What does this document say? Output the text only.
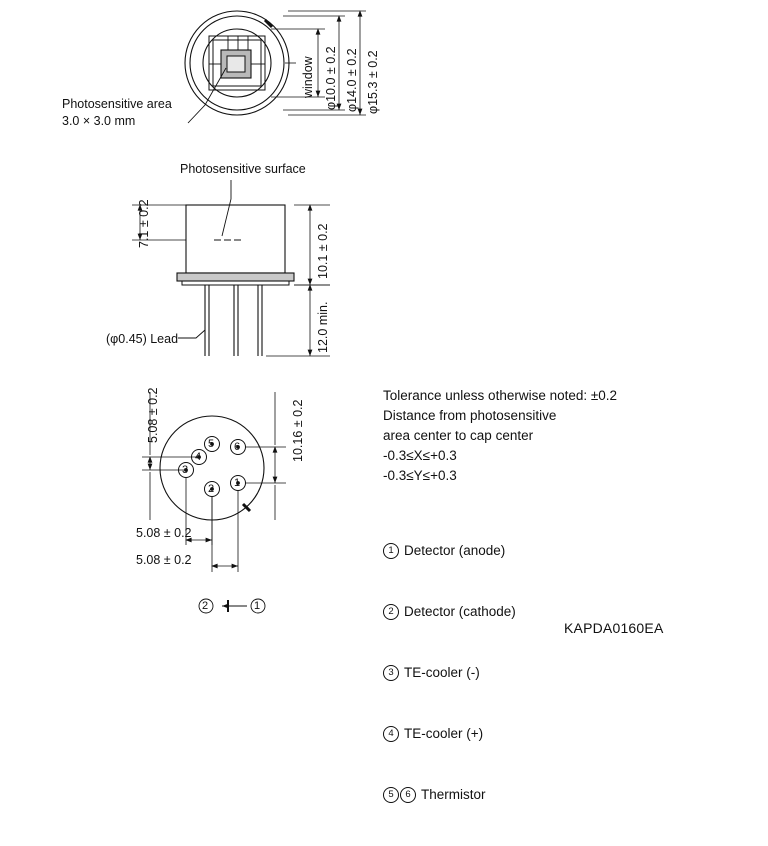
Photosensitive area
3.0 × 3.0 mm
window φ10.0 ± 0.2 φ14.0 ± 0.2 φ15.3 ± 0.2
Photosensitive surface
7.1 ± 0.2	10.1 ± 0.2
12.0 min.
(φ0.45) Lead
5.08 ± 0.2	10.16 ± 0.2
5.08 ± 0.2
5.08 ± 0.2
6
5
4
3
2 1
2	1
Tolerance unless otherwise noted: ±0.2
Distance from photosensitive
area center to cap center
-0.3≤X≤+0.3
-0.3≤Y≤+0.3

1 Detector (anode)

2 Detector (cathode)

3 TE-cooler (-)

4 TE-cooler (+)

5	6 Thermistor

KAPDA0160EA
